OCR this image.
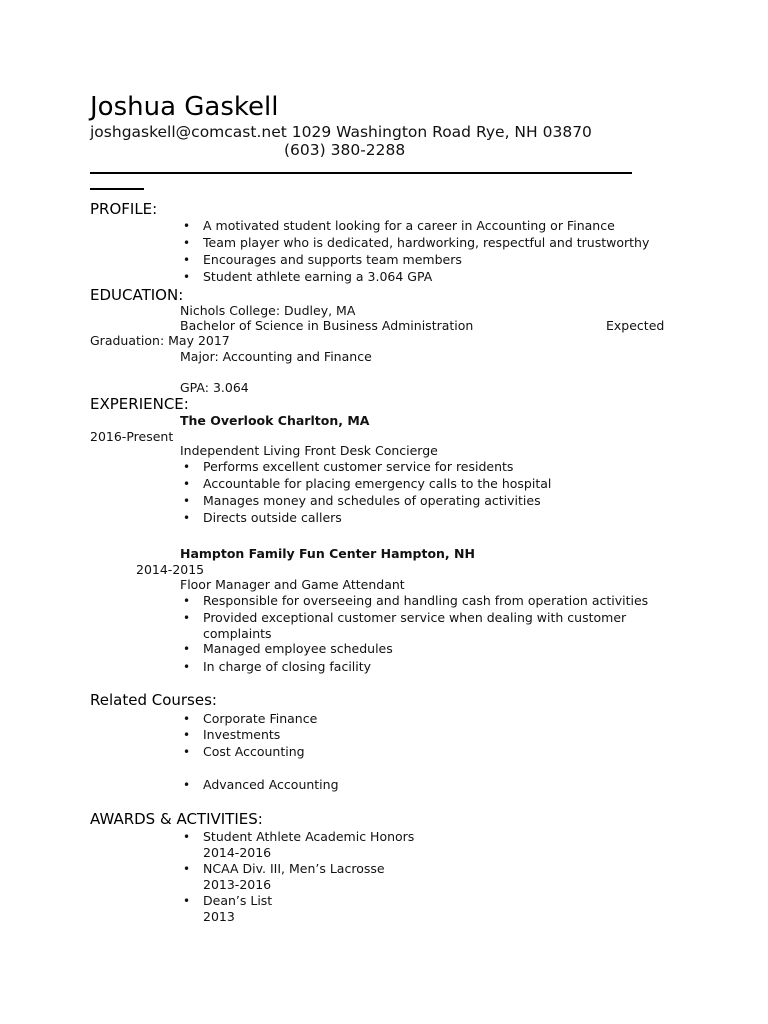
Joshua Gaskell
joshgaskell@comcast.net 1029 Washington Road Rye, NH 03870
(603) 380-2288
PROFILE:
• A motivated student looking for a career in Accounting or Finance
• Team player who is dedicated, hardworking, respectful and trustworthy
• Encourages and supports team members
• Student athlete earning a 3.064 GPA
EDUCATION:
Nichols College: Dudley, MA
Bachelor of Science in Business Administration	Expected
Graduation: May 2017
Major: Accounting and Finance
GPA: 3.064
EXPERIENCE:
The Overlook Charlton, MA
2016-Present
Independent Living Front Desk Concierge
• Performs excellent customer service for residents
• Accountable for placing emergency calls to the hospital
• Manages money and schedules of operating activities
• Directs outside callers
Hampton Family Fun Center Hampton, NH
2014-2015
Floor Manager and Game Attendant
• Responsible for overseeing and handling cash from operation activities
• Provided exceptional customer service when dealing with customer
complaints
• Managed employee schedules
• In charge of closing facility
Related Courses:
• Corporate Finance
• Investments
• Cost Accounting
• Advanced Accounting
AWARDS & ACTIVITIES:
• Student Athlete Academic Honors
2014-2016
• NCAA Div. III, Men’s Lacrosse
2013-2016
• Dean’s List
2013
